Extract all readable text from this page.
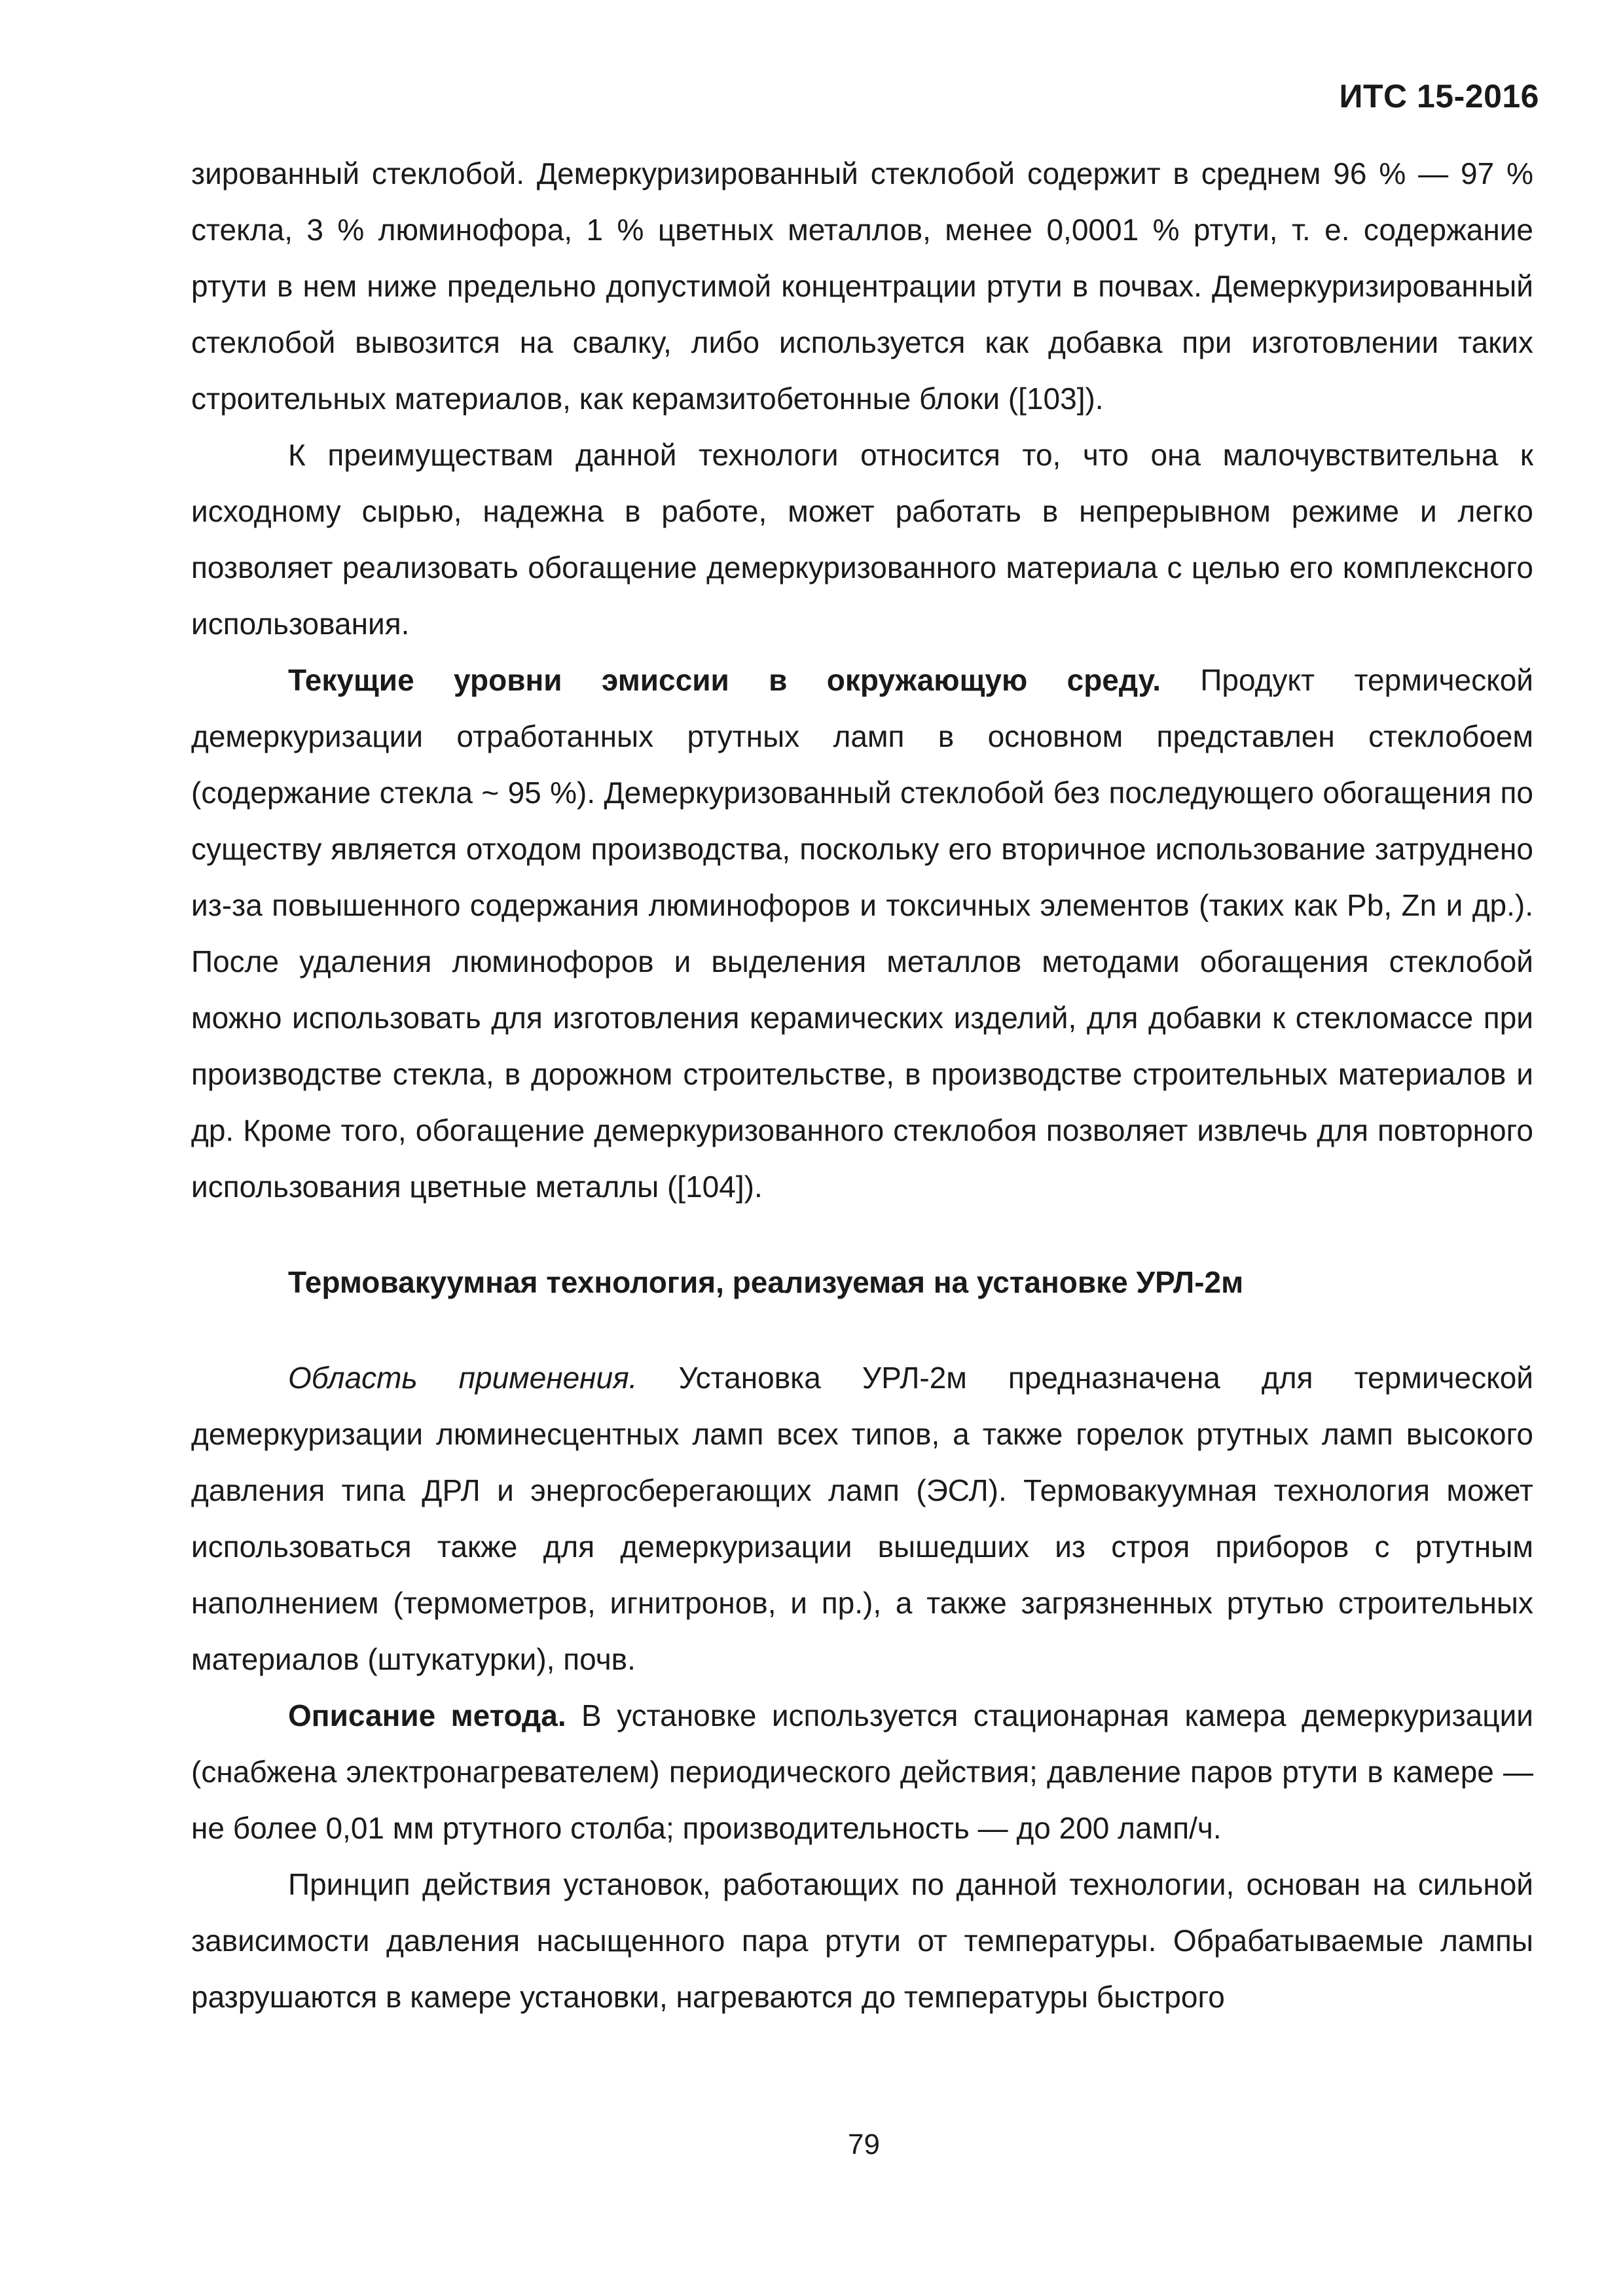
ИТС 15-2016

зированный стеклобой. Демеркуризированный стеклобой содержит в среднем 96 % — 97 % стекла, 3 % люминофора, 1 % цветных металлов, менее 0,0001 % ртути, т. е. содержание ртути в нем ниже предельно допустимой концентрации ртути в почвах. Демеркуризированный стеклобой вывозится на свалку, либо используется как добавка при изготовлении таких строительных материалов, как керамзитобетонные блоки ([103]).

К преимуществам данной технологи относится то, что она малочувствительна к исходному сырью, надежна в работе, может работать в непрерывном режиме и легко позволяет реализовать обогащение демеркуризованного материала с целью его комплексного использования.

Текущие уровни эмиссии в окружающую среду. Продукт термической демеркуризации отработанных ртутных ламп в основном представлен стеклобоем (содержание стекла ~ 95 %). Демеркуризованный стеклобой без последующего обогащения по существу является отходом производства, поскольку его вторичное использование затруднено из-за повышенного содержания люминофоров и токсичных элементов (таких как Pb, Zn и др.). После удаления люминофоров и выделения металлов методами обогащения стеклобой можно использовать для изготовления керамических изделий, для добавки к стекломассе при производстве стекла, в дорожном строительстве, в производстве строительных материалов и др. Кроме того, обогащение демеркуризованного стеклобоя позволяет извлечь для повторного использования цветные металлы ([104]).

Термовакуумная технология, реализуемая на установке УРЛ-2м

Область применения. Установка УРЛ-2м предназначена для термической демеркуризации люминесцентных ламп всех типов, а также горелок ртутных ламп высокого давления типа ДРЛ и энергосберегающих ламп (ЭСЛ). Термовакуумная технология может использоваться также для демеркуризации вышедших из строя приборов с ртутным наполнением (термометров, игнитронов, и пр.), а также загрязненных ртутью строительных материалов (штукатурки), почв.

Описание метода. В установке используется стационарная камера демеркуризации (снабжена электронагревателем) периодического действия; давление паров ртути в камере — не более 0,01 мм ртутного столба; производительность — до 200 ламп/ч.

Принцип действия установок, работающих по данной технологии, основан на сильной зависимости давления насыщенного пара ртути от температуры. Обрабатываемые лампы разрушаются в камере установки, нагреваются до температуры быстрого

79
